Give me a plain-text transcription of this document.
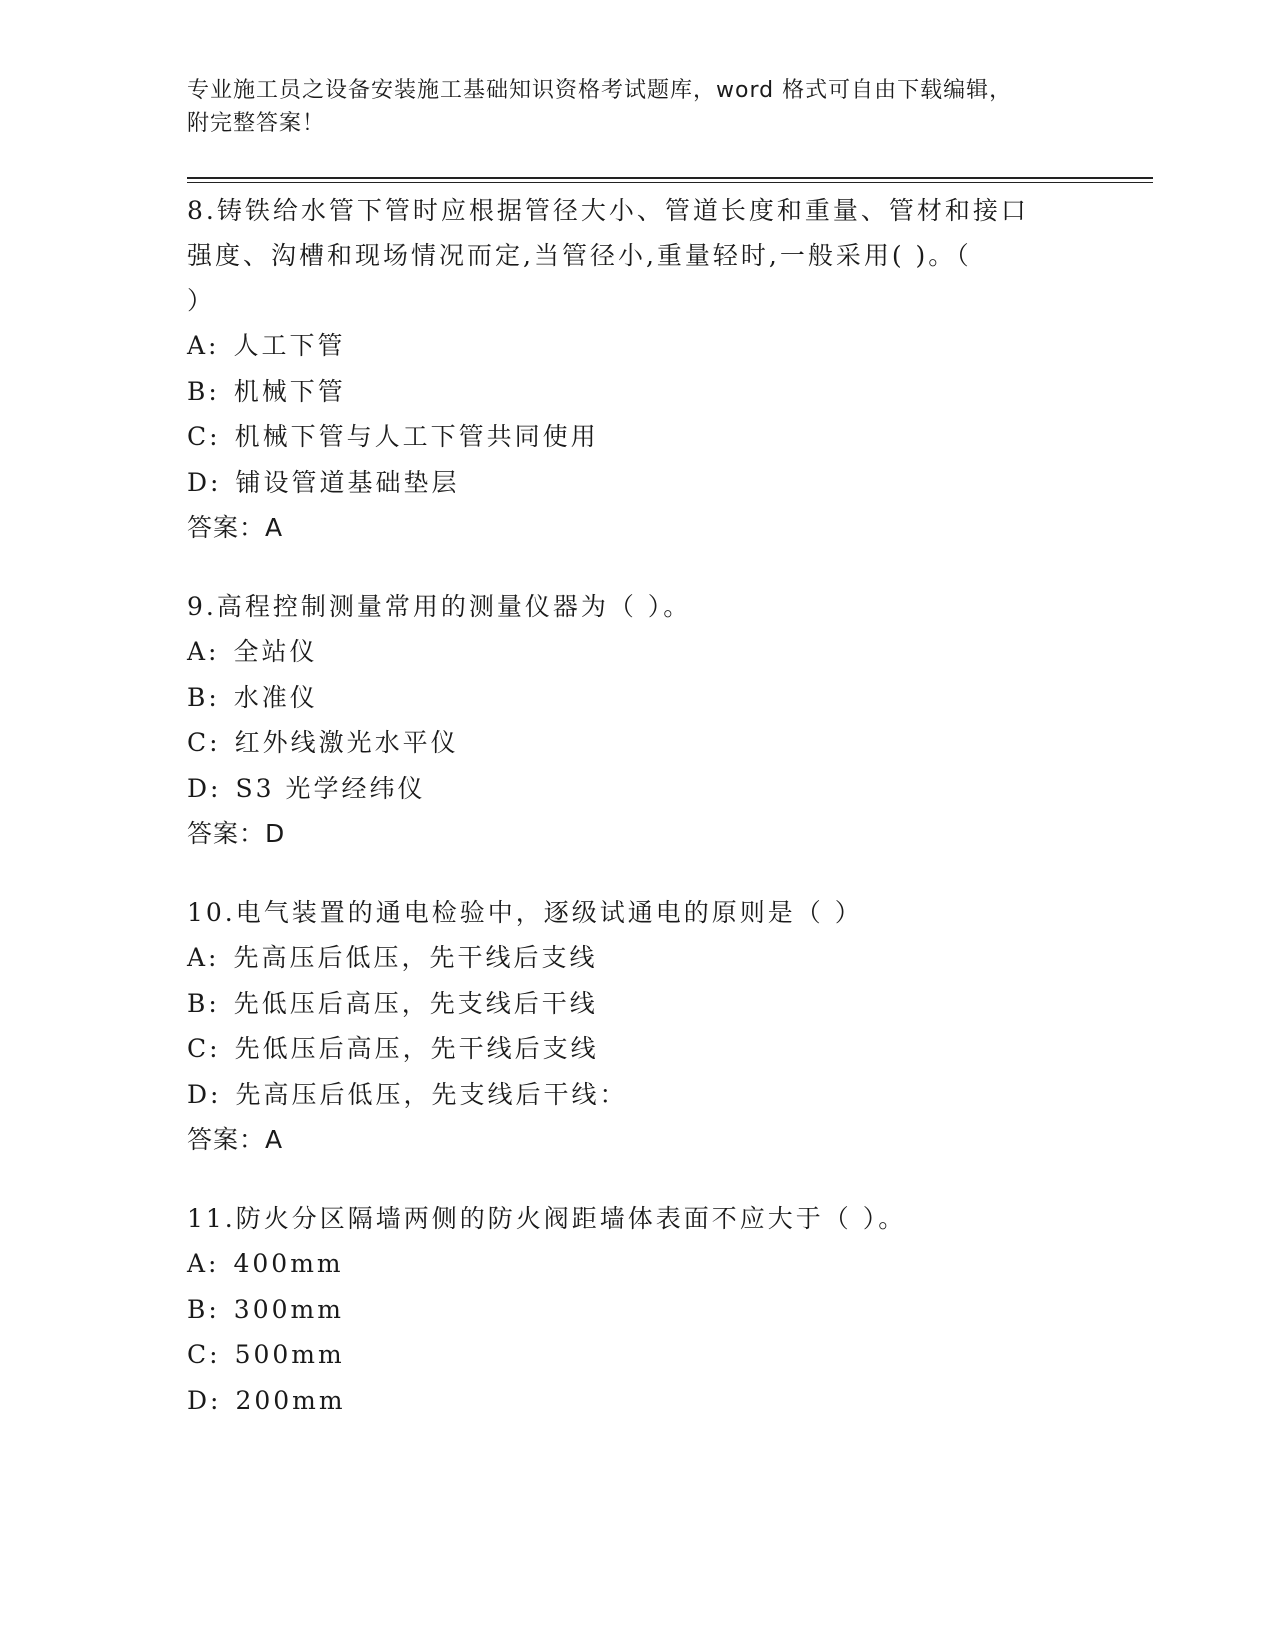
专业施工员之设备安装施工基础知识资格考试题库，word 格式可自由下载编辑，
附完整答案！

8.铸铁给水管下管时应根据管径大小、管道长度和重量、管材和接口

强度、沟槽和现场情况而定,当管径小,重量轻时,一般采用( )。（

）

A: 人工下管

B: 机械下管

C: 机械下管与人工下管共同使用

D: 铺设管道基础垫层

答案：A

9.高程控制测量常用的测量仪器为（ ）。

A: 全站仪

B: 水准仪

C: 红外线激光水平仪

D: S3 光学经纬仪

答案：D

10.电气装置的通电检验中，逐级试通电的原则是（ ）

A: 先高压后低压，先干线后支线

B: 先低压后高压，先支线后干线

C: 先低压后高压，先干线后支线

D: 先高压后低压，先支线后干线：

答案：A

11.防火分区隔墙两侧的防火阀距墙体表面不应大于（ ）。

A: 400mm

B: 300mm

C: 500mm

D: 200mm
